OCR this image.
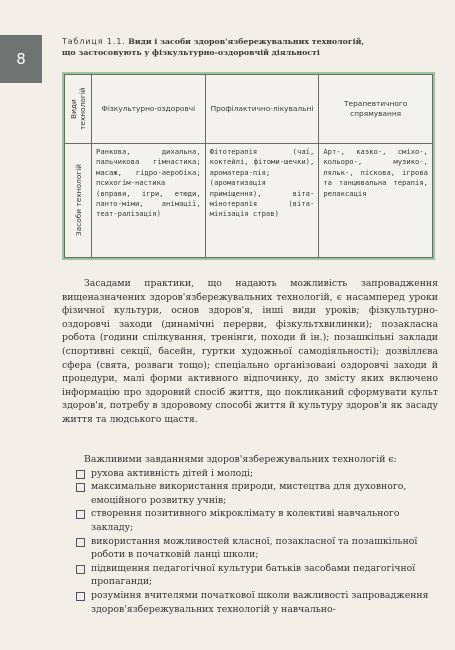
8
Таблиця 1.1. Види і засоби здоров'язбережувальних технологій,
що застосовують у фізкультурно-оздоровчій діяльності
Види технологій	Фізкультурно-оздоровчі	Профілактично-лікувальні	Терапевтичного спрямування

Засоби технологій	Ранкова, дихальна, пальчикова гімнастика; масаж, гідро-аеробіка; психогім-настика (вправи, ігри, етюди, панто-міми, анімації, теат-ралізація)	Фітотерапія (чаї, коктейлі, фітоми-шечки), ароматера-пія; (ароматизація приміщення), віта-мінотерапія (віта-мінізація страв)	Арт-, казко-, сміхо-, кольоро-, музико-, ляльк-, піскова, ігрова та танцювальна терапія, релаксація

Засадами практики, що надають можливість запровадження вищеназначених здоров'язбережувальних технологій, є насамперед уроки фізичної культури, основ здоров'я, інші види уроків; фізкультурно-оздоровчі заходи (динамічні перерви, фізкультхвилинки); позакласна робота (години спілкування, тренінги, походи й ін.); позашкільні заклади (спортивні секції, басейн, гуртки художньої самодіяльності); дозвіллєва сфера (свята, розваги тощо); спеціально організовані оздоровчі заходи й процедури, малі форми активного відпочинку, до змісту яких включено інформацію про здоровий спосіб життя, що покликаний сформувати культ здоров'я, потребу в здоровому способі життя й культуру здоров'я як засаду життя та людського щастя.

Важливими завданнями здоров'язбережувальних технологій є:

рухова активність дітей і молоді;
максимальне використання природи, мистецтва для духовного, емоційного розвитку учнів;
створення позитивного мікроклімату в колективі навчального закладу;
використання можливостей класної, позакласної та позашкільної роботи в початковій ланці школи;
підвищення педагогічної культури батьків засобами педагогічної пропаганди;
розуміння вчителями початкової школи важливості запровадження здоров'язбережувальних технологій у навчально-
